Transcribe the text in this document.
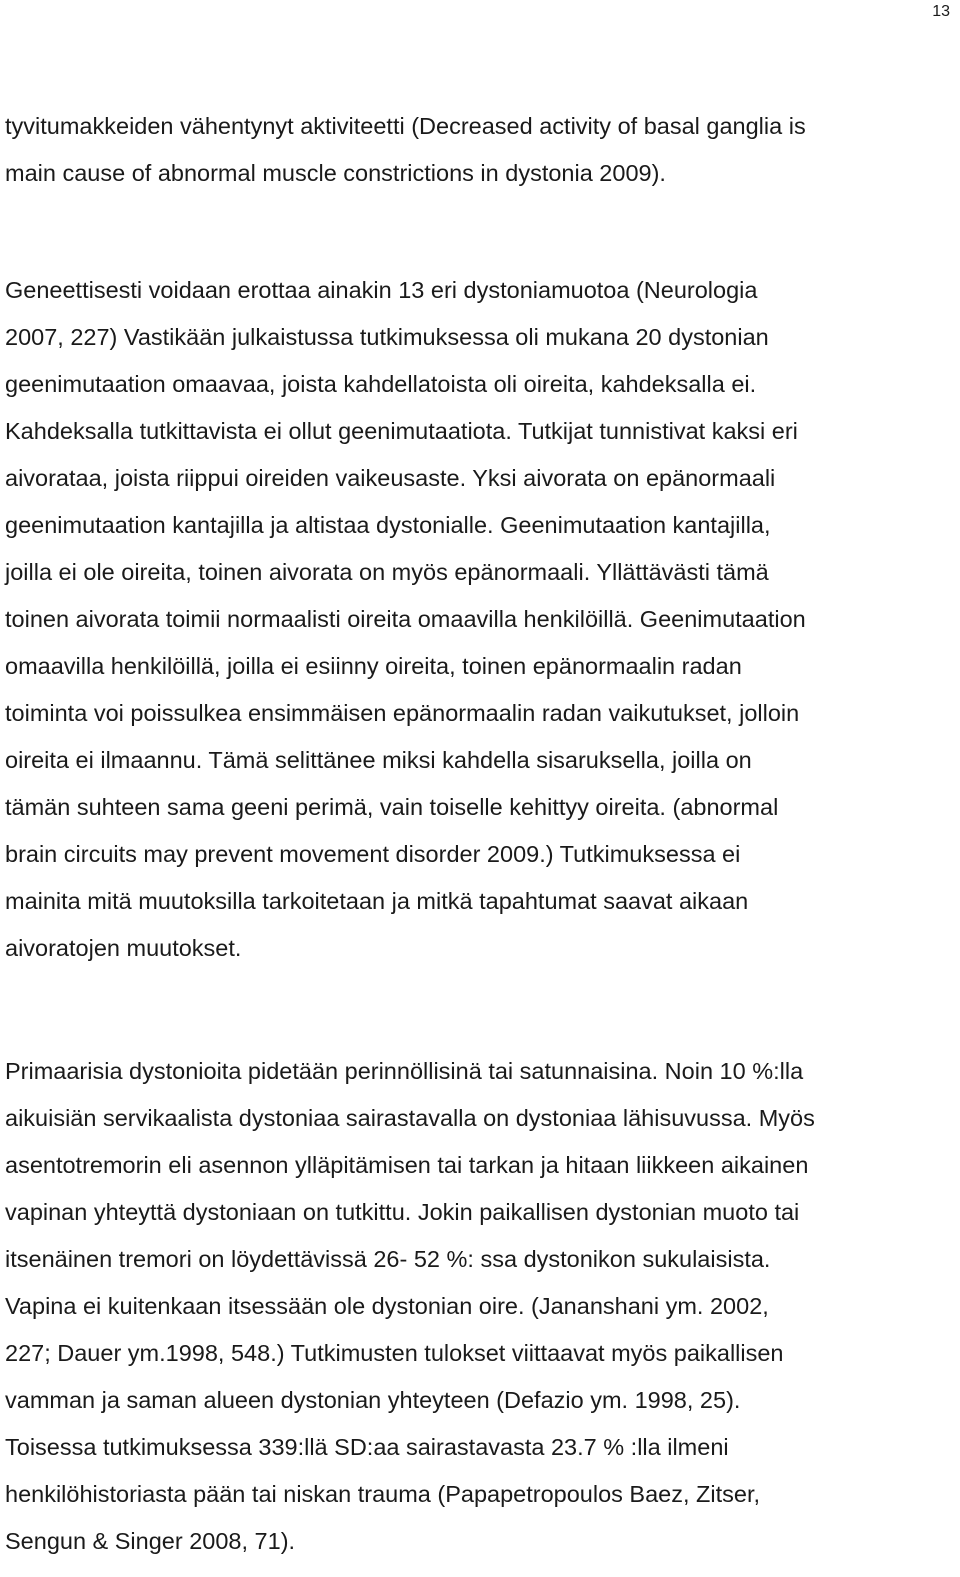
13
tyvitumakkeiden vähentynyt aktiviteetti (Decreased activity of basal ganglia is
main cause of abnormal muscle constrictions in dystonia 2009).
Geneettisesti voidaan erottaa ainakin 13 eri dystoniamuotoa (Neurologia
2007, 227) Vastikään julkaistussa tutkimuksessa oli mukana 20 dystonian
geenimutaation omaavaa, joista kahdellatoista oli oireita, kahdeksalla ei.
Kahdeksalla tutkittavista ei ollut geenimutaatiota. Tutkijat tunnistivat kaksi eri
aivorataa, joista riippui oireiden vaikeusaste. Yksi aivorata on epänormaali
geenimutaation kantajilla ja altistaa dystonialle. Geenimutaation kantajilla,
joilla ei ole oireita, toinen aivorata on myös epänormaali. Yllättävästi tämä
toinen aivorata toimii normaalisti oireita omaavilla henkilöillä. Geenimutaation
omaavilla henkilöillä, joilla ei esiinny oireita, toinen epänormaalin radan
toiminta voi poissulkea ensimmäisen epänormaalin radan vaikutukset, jolloin
oireita ei ilmaannu. Tämä selittänee miksi kahdella sisaruksella, joilla on
tämän suhteen sama geeni perimä, vain toiselle kehittyy oireita. (abnormal
brain circuits may prevent movement disorder 2009.) Tutkimuksessa ei
mainita mitä muutoksilla tarkoitetaan ja mitkä tapahtumat saavat aikaan
aivoratojen muutokset.
Primaarisia dystonioita pidetään perinnöllisinä tai satunnaisina. Noin 10 %:lla
aikuisiän servikaalista dystoniaa sairastavalla on dystoniaa lähisuvussa. Myös
asentotremorin eli asennon ylläpitämisen tai tarkan ja hitaan liikkeen aikainen
vapinan yhteyttä dystoniaan on tutkittu. Jokin paikallisen dystonian muoto tai
itsenäinen tremori on löydettävissä 26- 52 %: ssa dystonikon sukulaisista.
Vapina ei kuitenkaan itsessään ole dystonian oire. (Jananshani ym. 2002,
227; Dauer ym.1998, 548.) Tutkimusten tulokset viittaavat myös paikallisen
vamman ja saman alueen dystonian yhteyteen (Defazio ym. 1998, 25).
Toisessa tutkimuksessa 339:llä SD:aa sairastavasta 23.7 % :lla ilmeni
henkilöhistoriasta pään tai niskan trauma (Papapetropoulos Baez, Zitser,
Sengun & Singer 2008, 71).
